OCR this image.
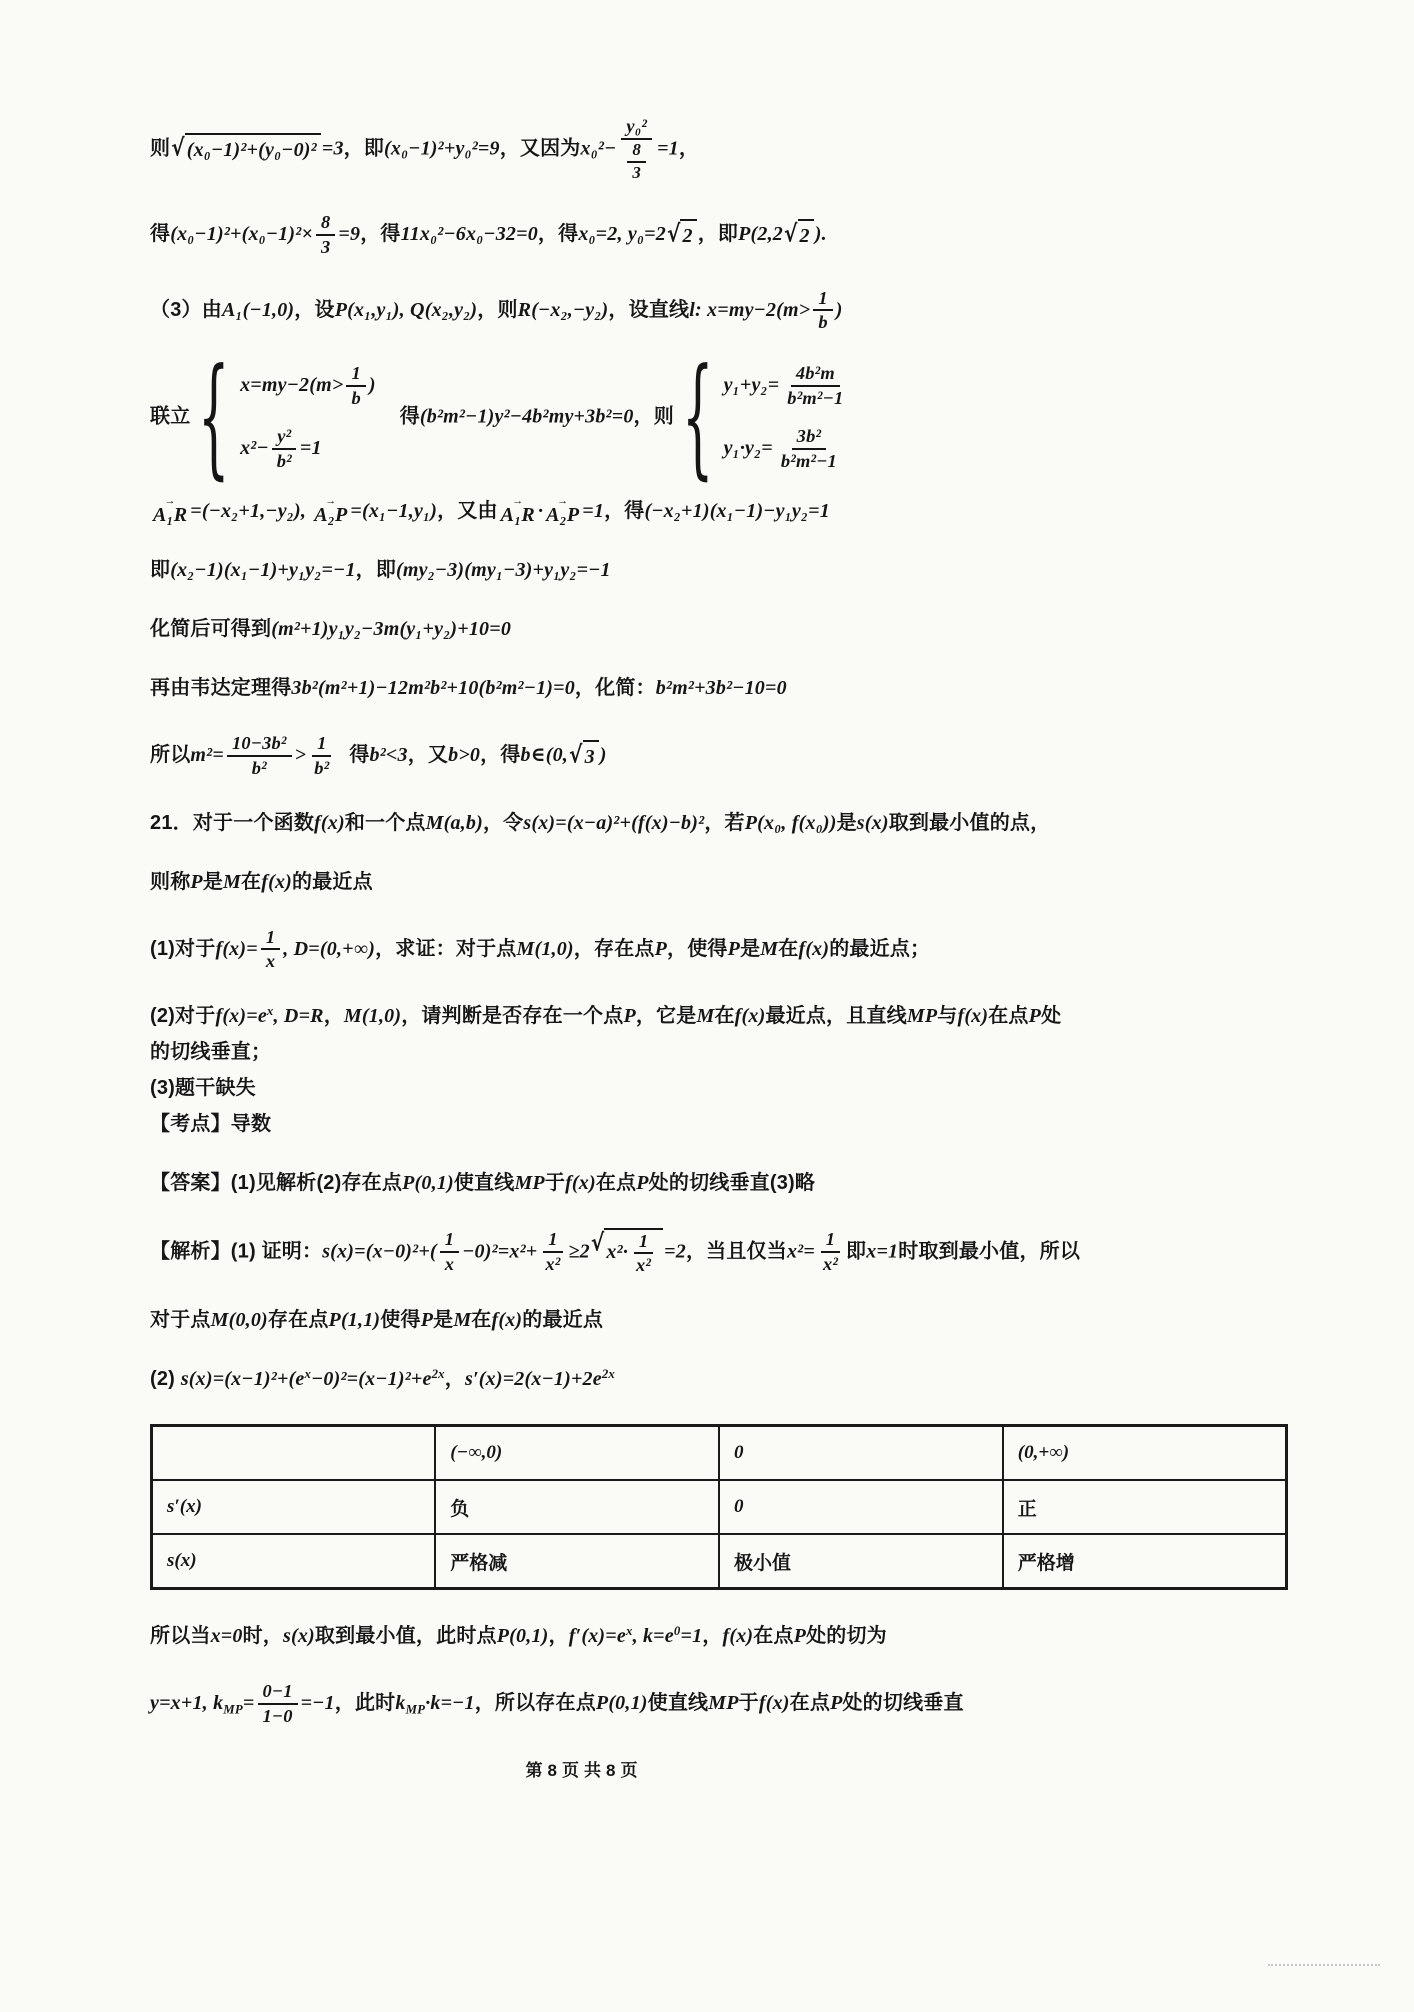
则 √ (x₀−1)²+(y₀−0)² =3，即(x₀−1)²+y₀²=9，又因为$x_0^2- \frac{\text{y₀²}}{\frac{8}{3}} =1$，
得$(x_0-1)^2+(x_0-1)^2\times \frac{8}{3} =9$，得11x₀²−6x₀−32=0，得x₀=2, y₀=2 √ 2 ，即P(2,2 √ 2 ).
（3）由A₁(−1,0)，设P(x₁,y₁), Q(x₂,y₂)，则R(−x₂,−y₂)，设直线l: $x=my-2(m> \frac{1}{b}$ )
联立 { $x=my-2(m> \frac{1}{b}$ )
$x^2- \frac{\text{y²}}{\text{b²}} =1$
得(b²m²−1)y²−4b²my+3b²=0，则 { $y_1+y_2= \frac{\text{4b²m}}{\text{b²m²−1}}$
$y_1\cdot y_2= \frac{\text{3b²}}{\text{b²m²−1}}$
→
A₁R =(−x₂+1,−y₂), →
A₂P =(x₁−1,y₁)，又由 →
A₁R · →
A₂P =1，得(−x₂+1)(x₁−1)−y₁y₂=1
即(x₂−1)(x₁−1)+y₁y₂=−1，即(my₂−3)(my₁−3)+y₁y₂=−1
化简后可得到(m²+1)y₁y₂−3m(y₁+y₂)+10=0
再由韦达定理得3b²(m²+1)−12m²b²+10(b²m²−1)=0，化简：b²m²+3b²−10=0
所以$m^2= \frac{\text{10−3b²}}{\text{b²}} > \frac{1}{\text{b²}}$ 得b²<3，又b>0，得b∈(0, √ 3 )
21．对于一个函数f(x)和一个点M(a,b)，令s(x)=(x−a)²+(f(x)−b)²，若P(x₀, f(x₀))是s(x)取到最小值的点，
则称P是M在f(x)的最近点
(1)对于$f(x)= \frac{1}{x}$ , D=(0,+∞)，求证：对于点M(1,0)，存在点P，使得P是M在f(x)的最近点；
(2)对于$f(x)=e^x$, D=R，M(1,0)，请判断是否存在一个点P，它是M在f(x)最近点，且直线MP与f(x)在点P处
的切线垂直；
(3)题干缺失
【考点】导数
【答案】(1)见解析(2)存在点P(0,1)使直线MP于f(x)在点P处的切线垂直(3)略
【解析】(1) 证明：$s(x)=(x-0)^2+( \frac{1}{x} -0)^2=x^2+ \frac{1}{\text{x²}} \ge 2$ √ $x^2\cdot \frac{1}{\text{x²}} =2$，当且仅当$x^2= \frac{1}{\text{x²}}$ 即x=1时取到最小值，所以
对于点M(0,0)存在点P(1,1)使得P是M在f(x)的最近点
(2) $s(x)=(x-1)^2+(e^x-0)^2=(x-1)^2+e^{2x}$，$s'(x)=2(x-1)+2e^{2x}$
	(−∞,0)	0	(0,+∞)
s′(x)	负	0	正
s(x)	严格减	极小值	严格增
所以当x=0时，s(x)取到最小值，此时点P(0,1)，$f'(x)=e^x$, $k=e^0=1$，f(x)在点P处的切为
y=x+1, $k_{MP}= \frac{0-1}{1-0} =-1$，此时$k_{MP}\cdot k=-1$，所以存在点P(0,1)使直线MP于f(x)在点P处的切线垂直
第8页共8页
